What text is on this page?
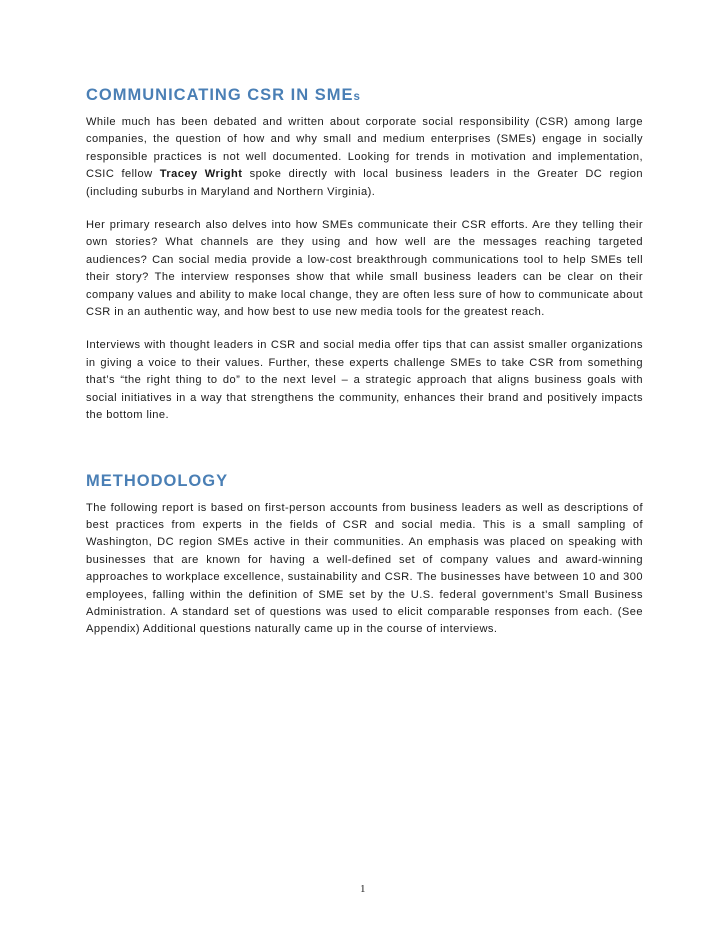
COMMUNICATING CSR IN SMEs

While much has been debated and written about corporate social responsibility (CSR) among large companies, the question of how and why small and medium enterprises (SMEs) engage in socially responsible practices is not well documented. Looking for trends in motivation and implementation, CSIC fellow Tracey Wright spoke directly with local business leaders in the Greater DC region (including suburbs in Maryland and Northern Virginia).

Her primary research also delves into how SMEs communicate their CSR efforts. Are they telling their own stories? What channels are they using and how well are the messages reaching targeted audiences? Can social media provide a low-cost breakthrough communications tool to help SMEs tell their story? The interview responses show that while small business leaders can be clear on their company values and ability to make local change, they are often less sure of how to communicate about CSR in an authentic way, and how best to use new media tools for the greatest reach.

Interviews with thought leaders in CSR and social media offer tips that can assist smaller organizations in giving a voice to their values. Further, these experts challenge SMEs to take CSR from something that’s “the right thing to do” to the next level – a strategic approach that aligns business goals with social initiatives in a way that strengthens the community, enhances their brand and positively impacts the bottom line.

METHODOLOGY

The following report is based on first-person accounts from business leaders as well as descriptions of best practices from experts in the fields of CSR and social media. This is a small sampling of Washington, DC region SMEs active in their communities. An emphasis was placed on speaking with businesses that are known for having a well-defined set of company values and award-winning approaches to workplace excellence, sustainability and CSR. The businesses have between 10 and 300 employees, falling within the definition of SME set by the U.S. federal government’s Small Business Administration. A standard set of questions was used to elicit comparable responses from each. (See Appendix) Additional questions naturally came up in the course of interviews.

1
